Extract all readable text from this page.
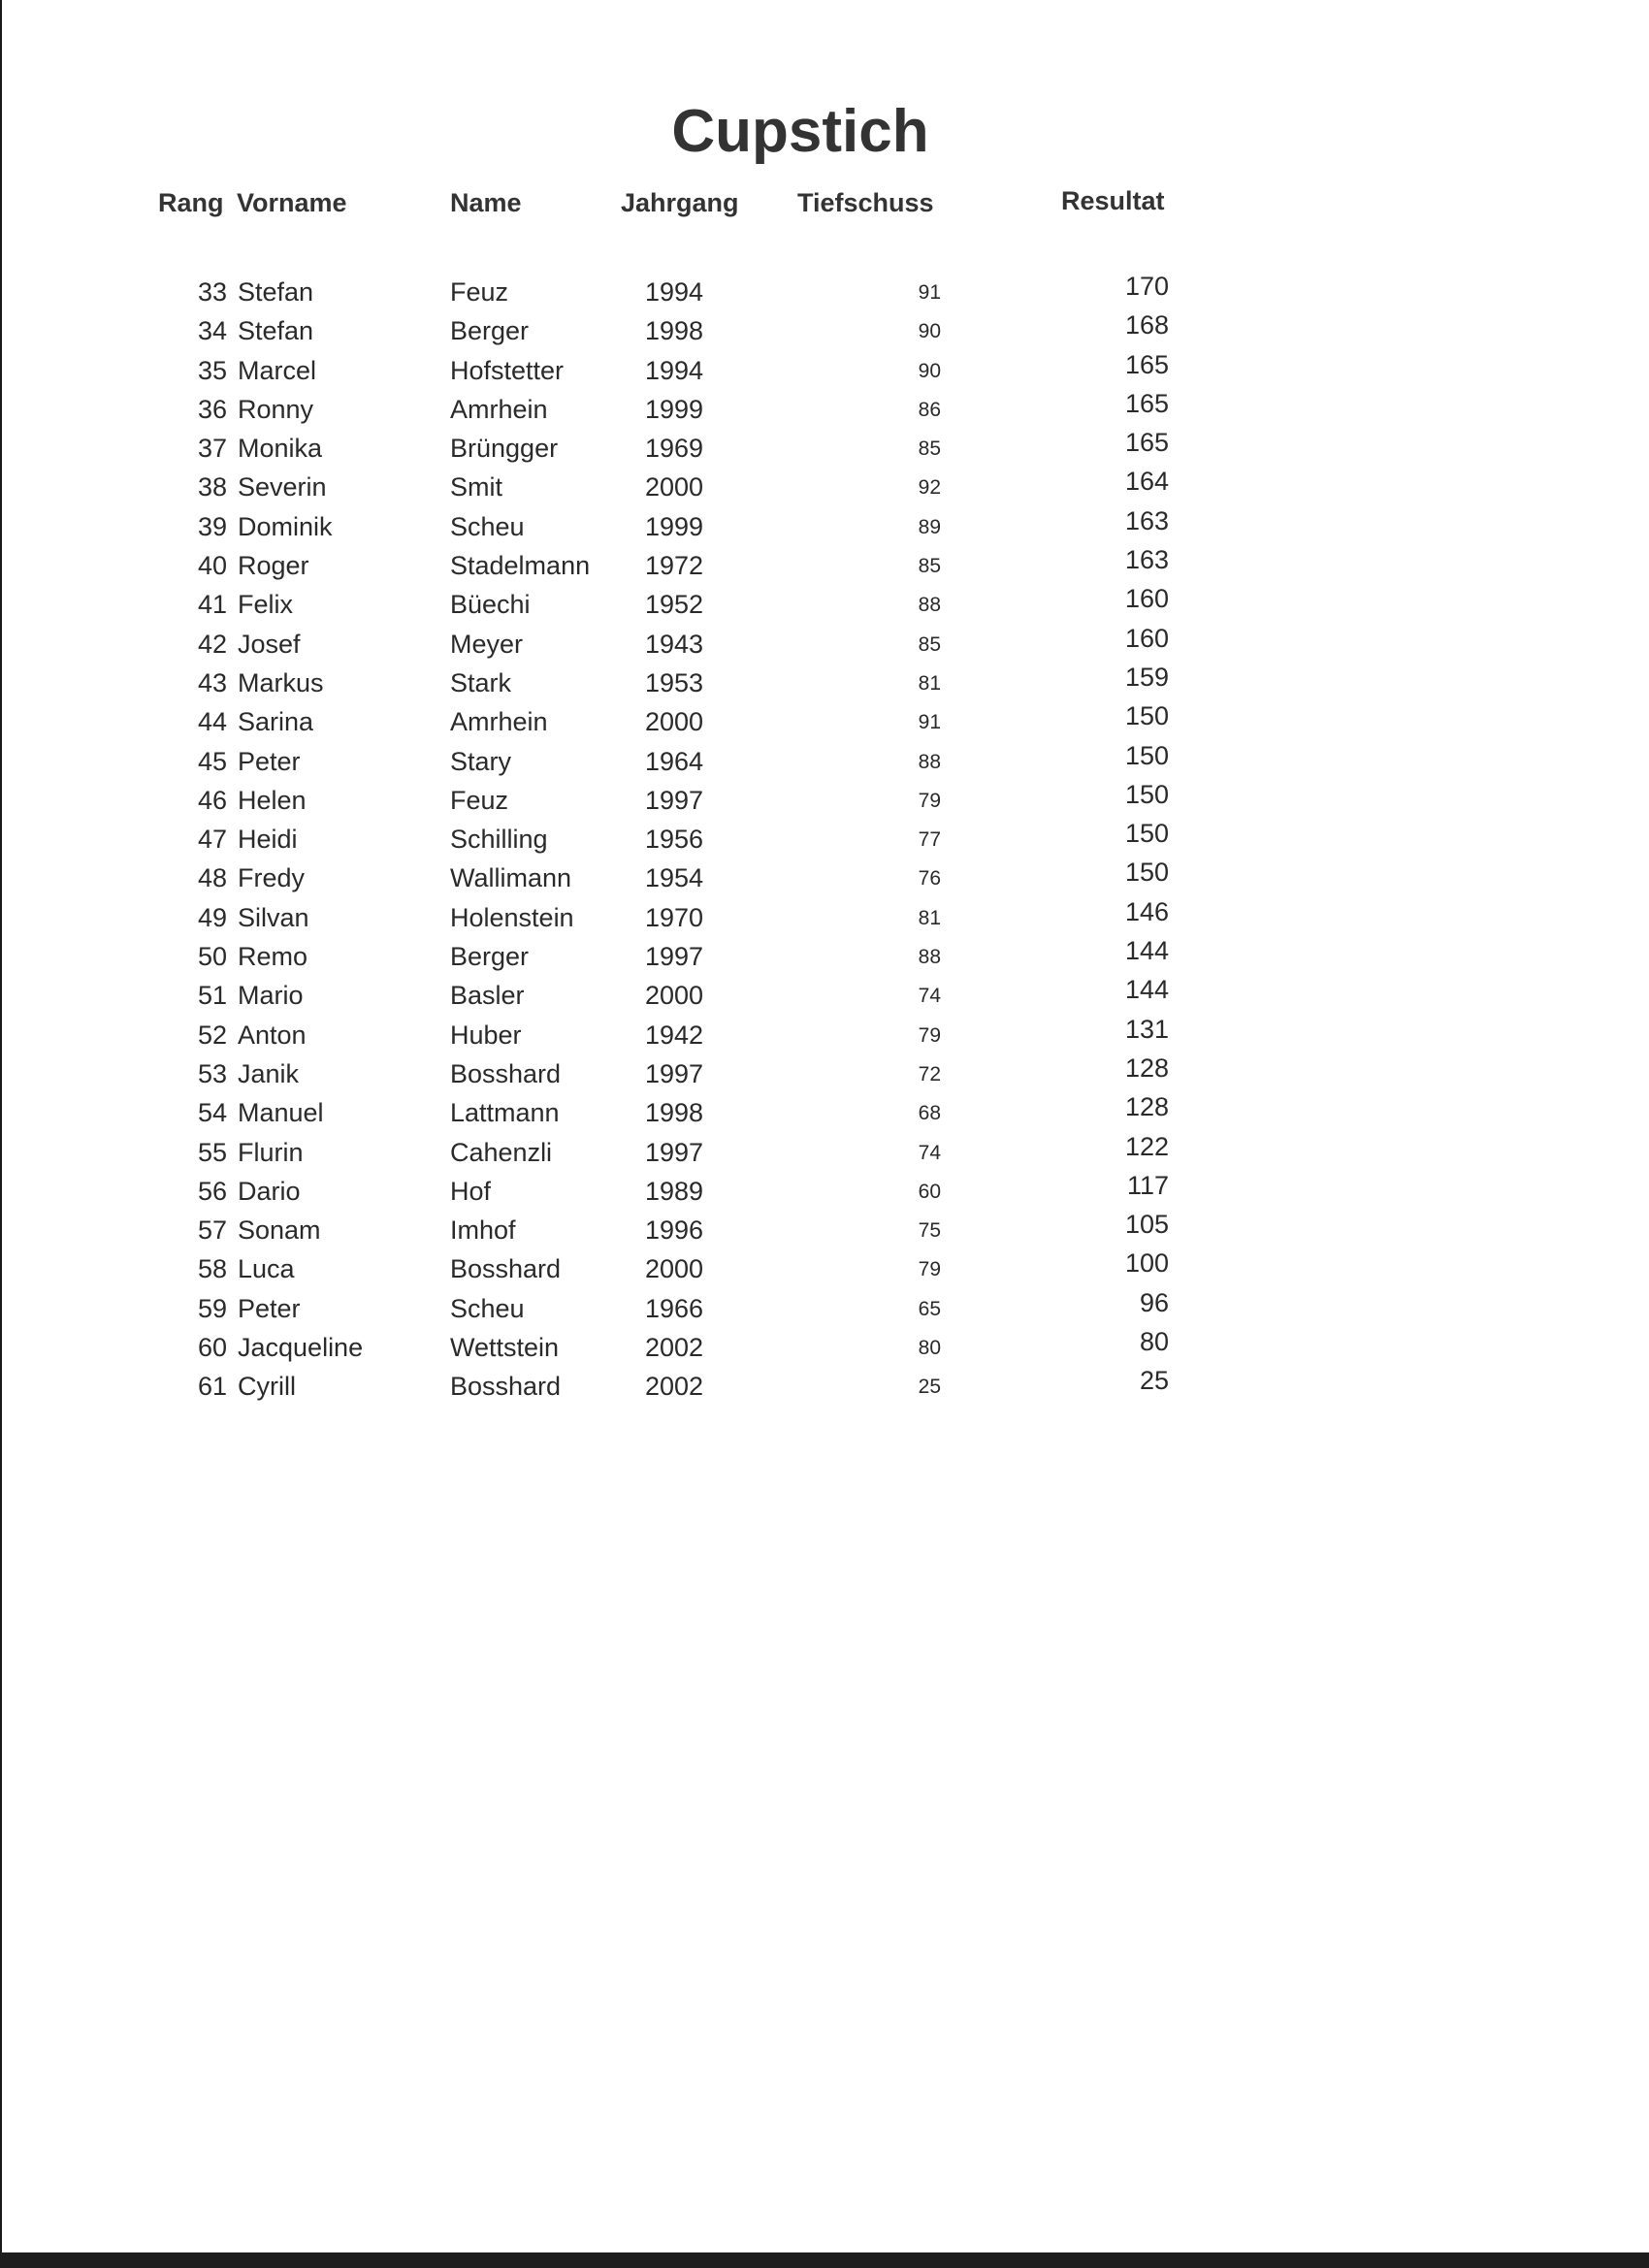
Cupstich
Rang Vorname	Name	Jahrgang Tiefschuss	Resultat
33 Stefan	Feuz	1994	91	170
34 Stefan	Berger	1998	90	168
35 Marcel	Hofstetter	1994	90	165
36 Ronny	Amrhein	1999	86	165
37 Monika	Brüngger	1969	85	165
38 Severin	Smit	2000	92	164
39 Dominik	Scheu	1999	89	163
40 Roger	Stadelmann	1972	85	163
41 Felix	Büechi	1952	88	160
42 Josef	Meyer	1943	85	160
43 Markus	Stark	1953	81	159
44 Sarina	Amrhein	2000	91	150
45 Peter	Stary	1964	88	150
46 Helen	Feuz	1997	79	150
47 Heidi	Schilling	1956	77	150
48 Fredy	Wallimann	1954	76	150
49 Silvan	Holenstein	1970	81	146
50 Remo	Berger	1997	88	144
51 Mario	Basler	2000	74	144
52 Anton	Huber	1942	79	131
53 Janik	Bosshard	1997	72	128
54 Manuel	Lattmann	1998	68	128
55 Flurin	Cahenzli	1997	74	122
56 Dario	Hof	1989	60	117
57 Sonam	Imhof	1996	75	105
58 Luca	Bosshard	2000	79	100
59 Peter	Scheu	1966	65	96
60 Jacqueline	Wettstein	2002	80	80
61 Cyrill	Bosshard	2002	25	25
